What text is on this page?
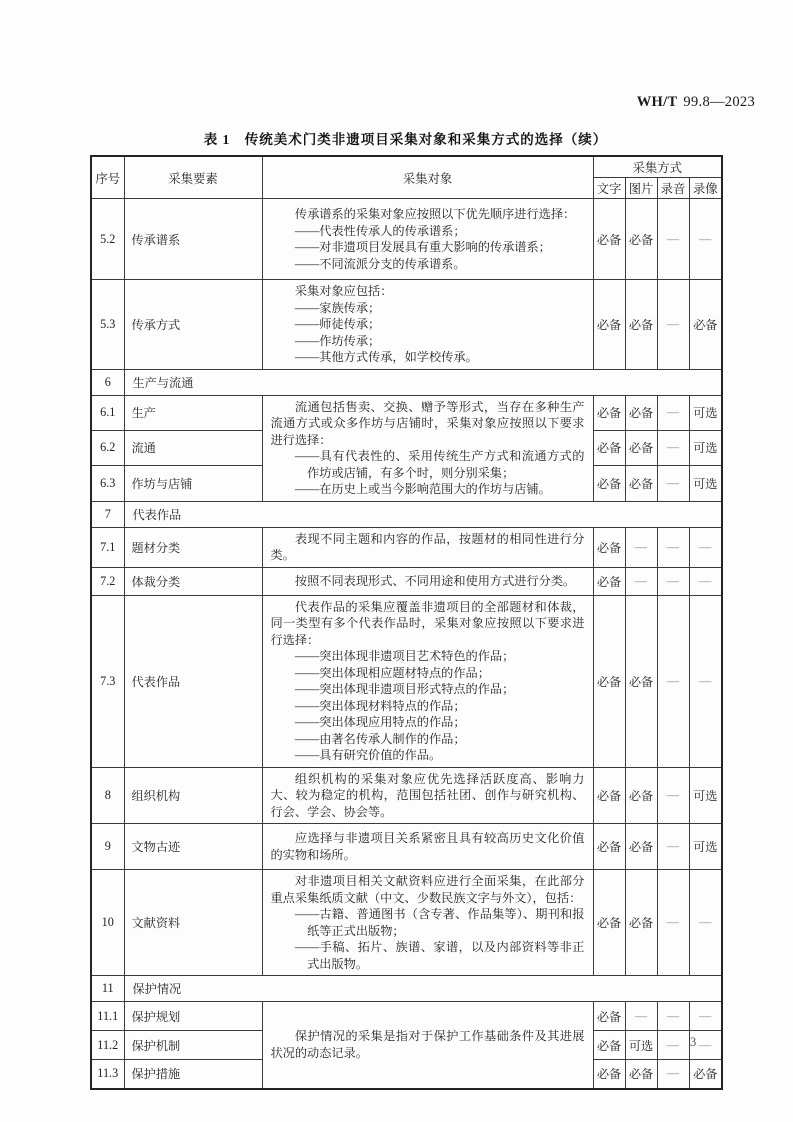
WH/T 99.8—2023
表 1　传统美术门类非遗项目采集对象和采集方式的选择（续）
序号	采集要素	采集对象	采集方式			
			文字	图片	录音	录像
5.2	传承谱系	传承谱系的采集对象应按照以下优先顺序进行选择：
——代表性传承人的传承谱系；
——对非遗项目发展具有重大影响的传承谱系；
——不同流派分支的传承谱系。	必备	必备	—	—
5.3	传承方式	采集对象应包括：
——家族传承；
——师徒传承；
——作坊传承；
——其他方式传承，如学校传承。	必备	必备	—	必备
6	生产与流通					
6.1	生产	流通包括售卖、交换、赠予等形式，当存在多种生产流通方式或众多作坊与店铺时，采集对象应按照以下要求进行选择：
——具有代表性的、采用传统生产方式和流通方式的作坊或店铺，有多个时，则分别采集；
——在历史上或当今影响范围大的作坊与店铺。	必备	必备	—	可选
6.2	流通		必备	必备	—	可选
6.3	作坊与店铺		必备	必备	—	可选
7	代表作品					
7.1	题材分类	表现不同主题和内容的作品，按题材的相同性进行分类。	必备	—	—	—
7.2	体裁分类	按照不同表现形式、不同用途和使用方式进行分类。	必备	—	—	—
7.3	代表作品	
代表作品的采集应覆盖非遗项目的全部题材和体裁，同一类型有多个代表作品时，采集对象应按照以下要求进行选择：
——突出体现非遗项目艺术特色的作品；
——突出体现相应题材特点的作品；
——突出体现非遗项目形式特点的作品；
——突出体现材料特点的作品；
——突出体现应用特点的作品；
——由著名传承人制作的作品；
——具有研究价值的作品。
	必备	必备	—	—
8	组织机构	组织机构的采集对象应优先选择活跃度高、影响力大、较为稳定的机构，范围包括社团、创作与研究机构、行会、学会、协会等。	必备	必备	—	可选
9	文物古迹	应选择与非遗项目关系紧密且具有较高历史文化价值的实物和场所。	必备	必备	—	可选
10	文献资料	对非遗项目相关文献资料应进行全面采集，在此部分重点采集纸质文献（中文、少数民族文字与外文），包括：
——古籍、普通图书（含专著、作品集等）、期刊和报纸等正式出版物；
——手稿、拓片、族谱、家谱，以及内部资料等非正式出版物。	必备	必备	—	—
11	保护情况					
11.1	保护规划	保护情况的采集是指对于保护工作基础条件及其进展状况的动态记录。	必备	—	—	—
11.2	保护机制		必备	可选	—	—
11.3	保护措施		必备	必备	—	必备
3
